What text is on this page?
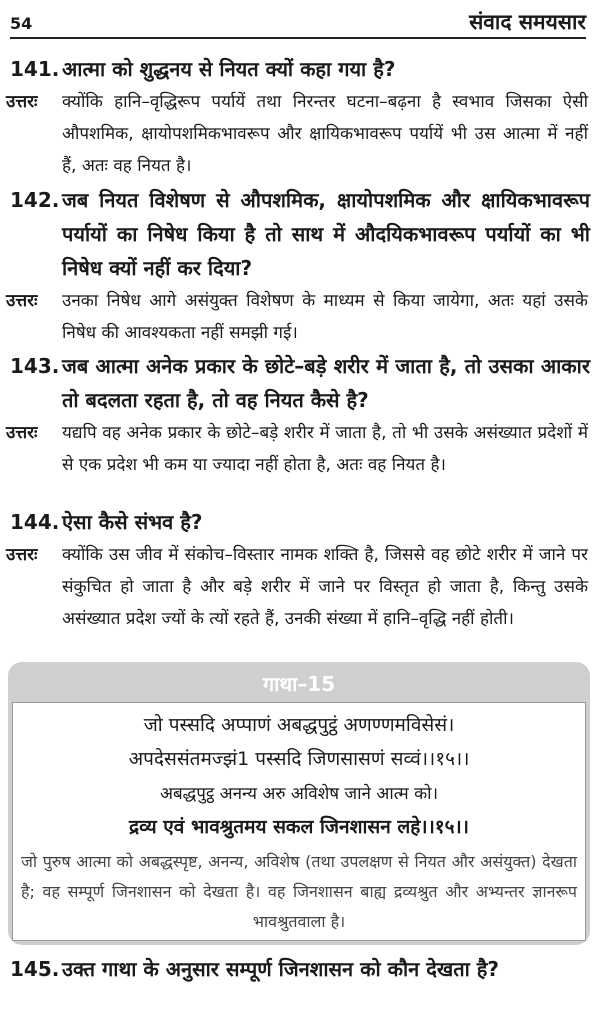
54	संवाद समयसार
141. आत्मा को शुद्धनय से नियत क्यों कहा गया है?
उत्तरः क्योंकि हानि–वृद्धिरूप पर्यायें तथा निरन्तर घटना–बढ़ना है स्वभाव जिसका ऐसी औपशमिक, क्षायोपशमिकभावरूप और क्षायिकभावरूप पर्यायें भी उस आत्मा में नहीं हैं, अतः वह नियत है।
142. जब नियत विशेषण से औपशमिक, क्षायोपशमिक और क्षायिकभावरूप पर्यायों का निषेध किया है तो साथ में औदयिकभावरूप पर्यायों का भी निषेध क्यों नहीं कर दिया?
उत्तरः उनका निषेध आगे असंयुक्त विशेषण के माध्यम से किया जायेगा, अतः यहां उसके निषेध की आवश्यकता नहीं समझी गई।
143. जब आत्मा अनेक प्रकार के छोटे–बड़े शरीर में जाता है, तो उसका आकार तो बदलता रहता है, तो वह नियत कैसे है?
उत्तरः यद्यपि वह अनेक प्रकार के छोटे–बड़े शरीर में जाता है, तो भी उसके असंख्यात प्रदेशों में से एक प्रदेश भी कम या ज्यादा नहीं होता है, अतः वह नियत है।
144. ऐसा कैसे संभव है?
उत्तरः क्योंकि उस जीव में संकोच–विस्तार नामक शक्ति है, जिससे वह छोटे शरीर में जाने पर संकुचित हो जाता है और बड़े शरीर में जाने पर विस्तृत हो जाता है, किन्तु उसके असंख्यात प्रदेश ज्यों के त्यों रहते हैं, उनकी संख्या में हानि–वृद्धि नहीं होती।
गाथा–15
जो पस्सदि अप्पाणं अबद्धपुट्ठं अणण्णमविसेसं।
अपदेससंतमज्झं1 पस्सदि जिणसासणं सव्वं।।१५।।
अबद्धपुट्ठ अनन्य अरु अविशेष जाने आत्म को।
द्रव्य एवं भावश्रुतमय सकल जिनशासन लहे।।१५।।
जो पुरुष आत्मा को अबद्धस्पृष्ट, अनन्य, अविशेष (तथा उपलक्षण से नियत और असंयुक्त) देखता है; वह सम्पूर्ण जिनशासन को देखता है। वह जिनशासन बाह्य द्रव्यश्रुत और अभ्यन्तर ज्ञानरूप भावश्रुतवाला है।
145. उक्त गाथा के अनुसार सम्पूर्ण जिनशासन को कौन देखता है?
